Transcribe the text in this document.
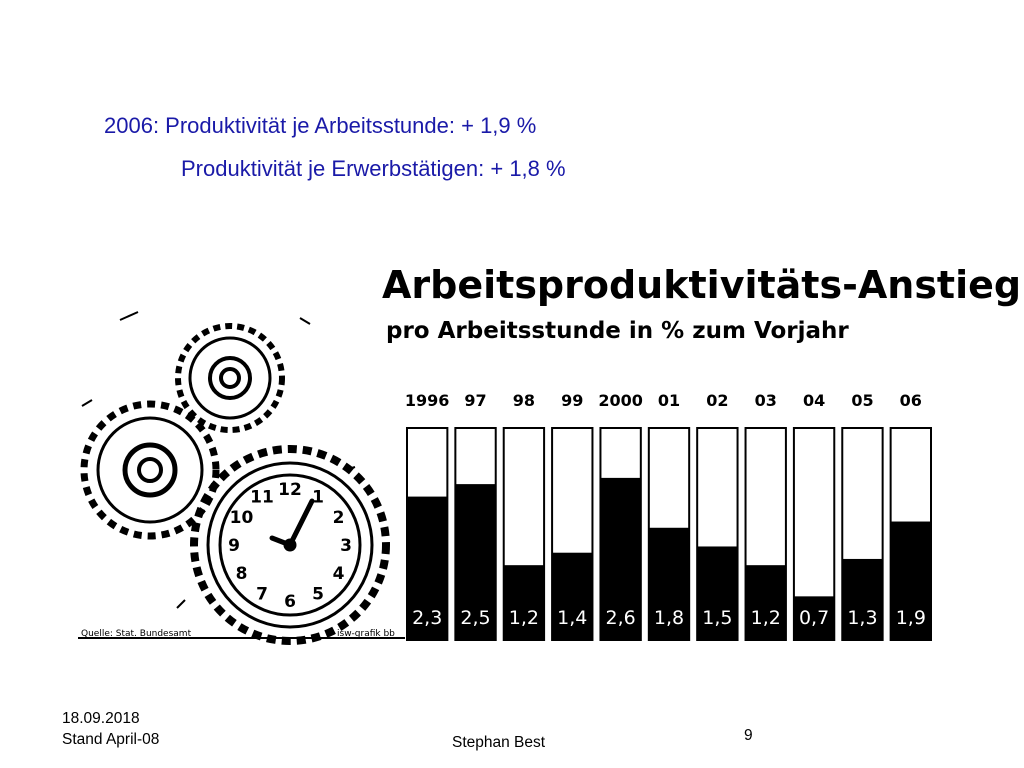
2006: Produktivität je Arbeitsstunde: + 1,9 %
Produktivität je Erwerbstätigen: + 1,8 %
12 1
2
3
4
5
6
7
8
9
10
11
Arbeitsproduktivitäts-Anstieg
pro Arbeitsstunde in % zum Vorjahr
1996 97 98 99 2000 01 02 03 04 05 06
2,3 2,5 1,2 1,4 2,6 1,8 1,5 1,2 0,7 1,3 1,9
Quelle: Stat. Bundesamt	isw-grafik bb
18.09.2018
Stand April-08	Stephan Best	9
